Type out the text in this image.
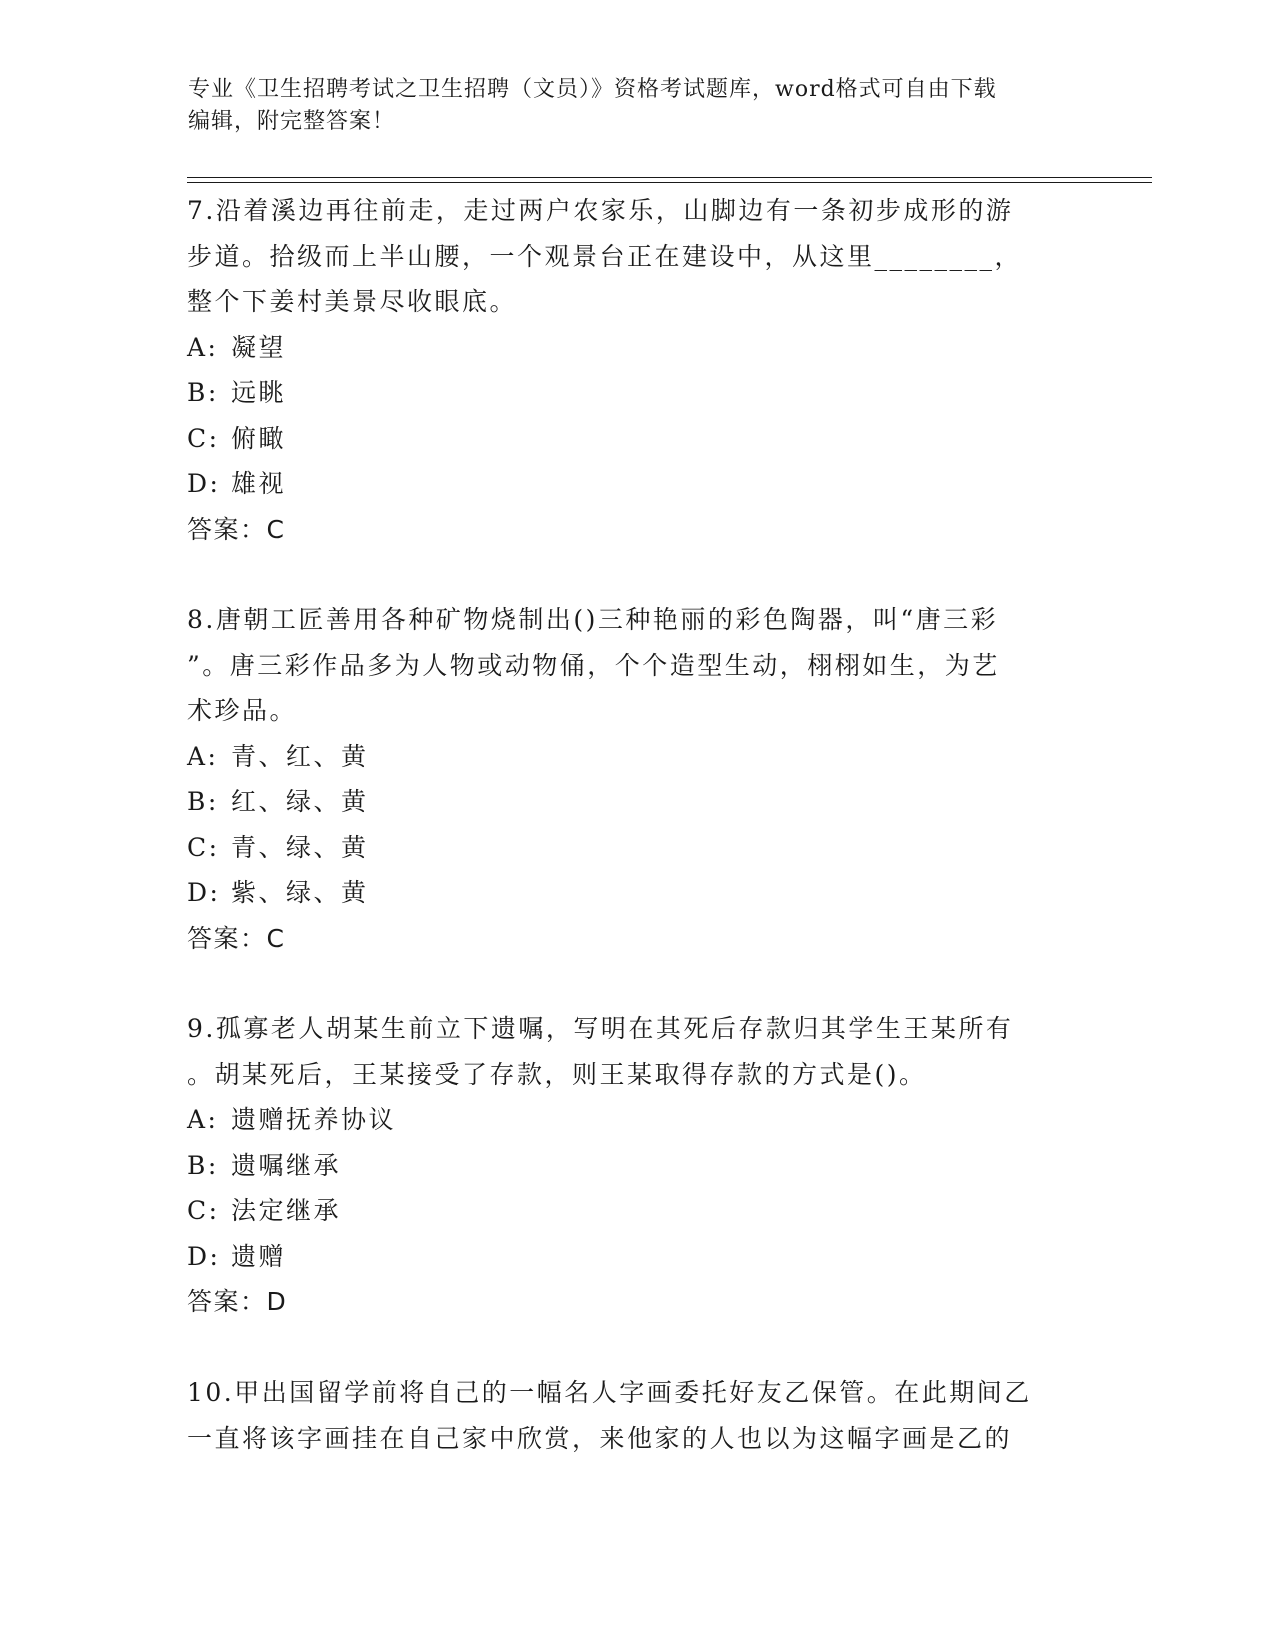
专业《卫生招聘考试之卫生招聘（文员）》资格考试题库，word格式可自由下载
编辑，附完整答案！

7.沿着溪边再往前走，走过两户农家乐，山脚边有一条初步成形的游

步道。拾级而上半山腰，一个观景台正在建设中，从这里________，

整个下姜村美景尽收眼底。

A: 凝望

B: 远眺

C: 俯瞰

D: 雄视

答案：C

8.唐朝工匠善用各种矿物烧制出()三种艳丽的彩色陶器，叫“唐三彩

”。唐三彩作品多为人物或动物俑，个个造型生动，栩栩如生，为艺

术珍品。

A: 青、红、黄

B: 红、绿、黄

C: 青、绿、黄

D: 紫、绿、黄

答案：C

9.孤寡老人胡某生前立下遗嘱，写明在其死后存款归其学生王某所有

。胡某死后，王某接受了存款，则王某取得存款的方式是()。

A: 遗赠抚养协议

B: 遗嘱继承

C: 法定继承

D: 遗赠

答案：D

10.甲出国留学前将自己的一幅名人字画委托好友乙保管。在此期间乙

一直将该字画挂在自己家中欣赏，来他家的人也以为这幅字画是乙的
